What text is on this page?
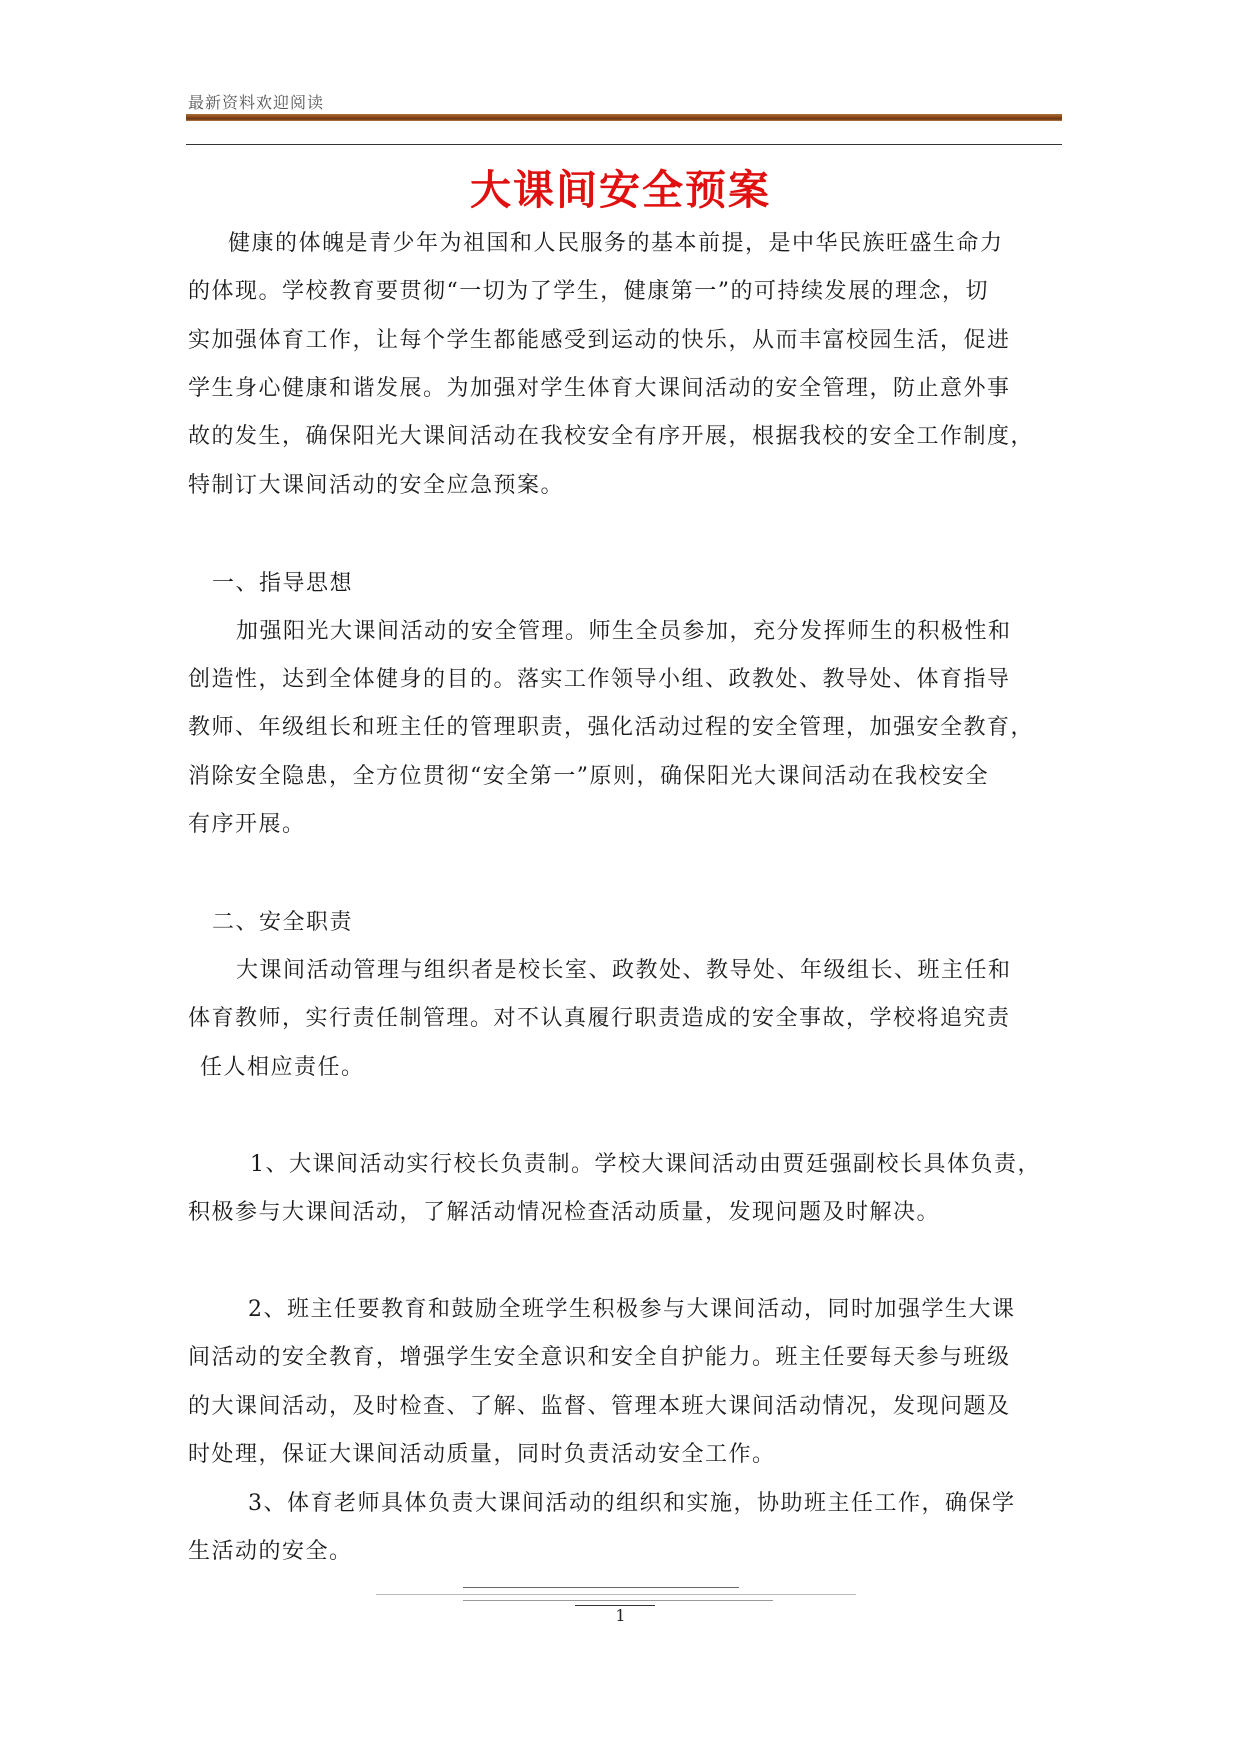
最新资料欢迎阅读
大课间安全预案
健康的体魄是青少年为祖国和人民服务的基本前提，是中华民族旺盛生命力
的体现。学校教育要贯彻“一切为了学生，健康第一”的可持续发展的理念，切
实加强体育工作，让每个学生都能感受到运动的快乐，从而丰富校园生活，促进
学生身心健康和谐发展。为加强对学生体育大课间活动的安全管理，防止意外事
故的发生，确保阳光大课间活动在我校安全有序开展，根据我校的安全工作制度，
特制订大课间活动的安全应急预案。
一、指导思想
加强阳光大课间活动的安全管理。师生全员参加，充分发挥师生的积极性和
创造性，达到全体健身的目的。落实工作领导小组、政教处、教导处、体育指导
教师、年级组长和班主任的管理职责，强化活动过程的安全管理，加强安全教育，
消除安全隐患，全方位贯彻“安全第一”原则，确保阳光大课间活动在我校安全
有序开展。
二、安全职责
大课间活动管理与组织者是校长室、政教处、教导处、年级组长、班主任和
体育教师，实行责任制管理。对不认真履行职责造成的安全事故，学校将追究责
任人相应责任。
1、大课间活动实行校长负责制。学校大课间活动由贾廷强副校长具体负责，
积极参与大课间活动，了解活动情况检查活动质量，发现问题及时解决。
2、班主任要教育和鼓励全班学生积极参与大课间活动，同时加强学生大课
间活动的安全教育，增强学生安全意识和安全自护能力。班主任要每天参与班级
的大课间活动，及时检查、了解、监督、管理本班大课间活动情况，发现问题及
时处理，保证大课间活动质量，同时负责活动安全工作。
3、体育老师具体负责大课间活动的组织和实施，协助班主任工作，确保学
生活动的安全。
1
